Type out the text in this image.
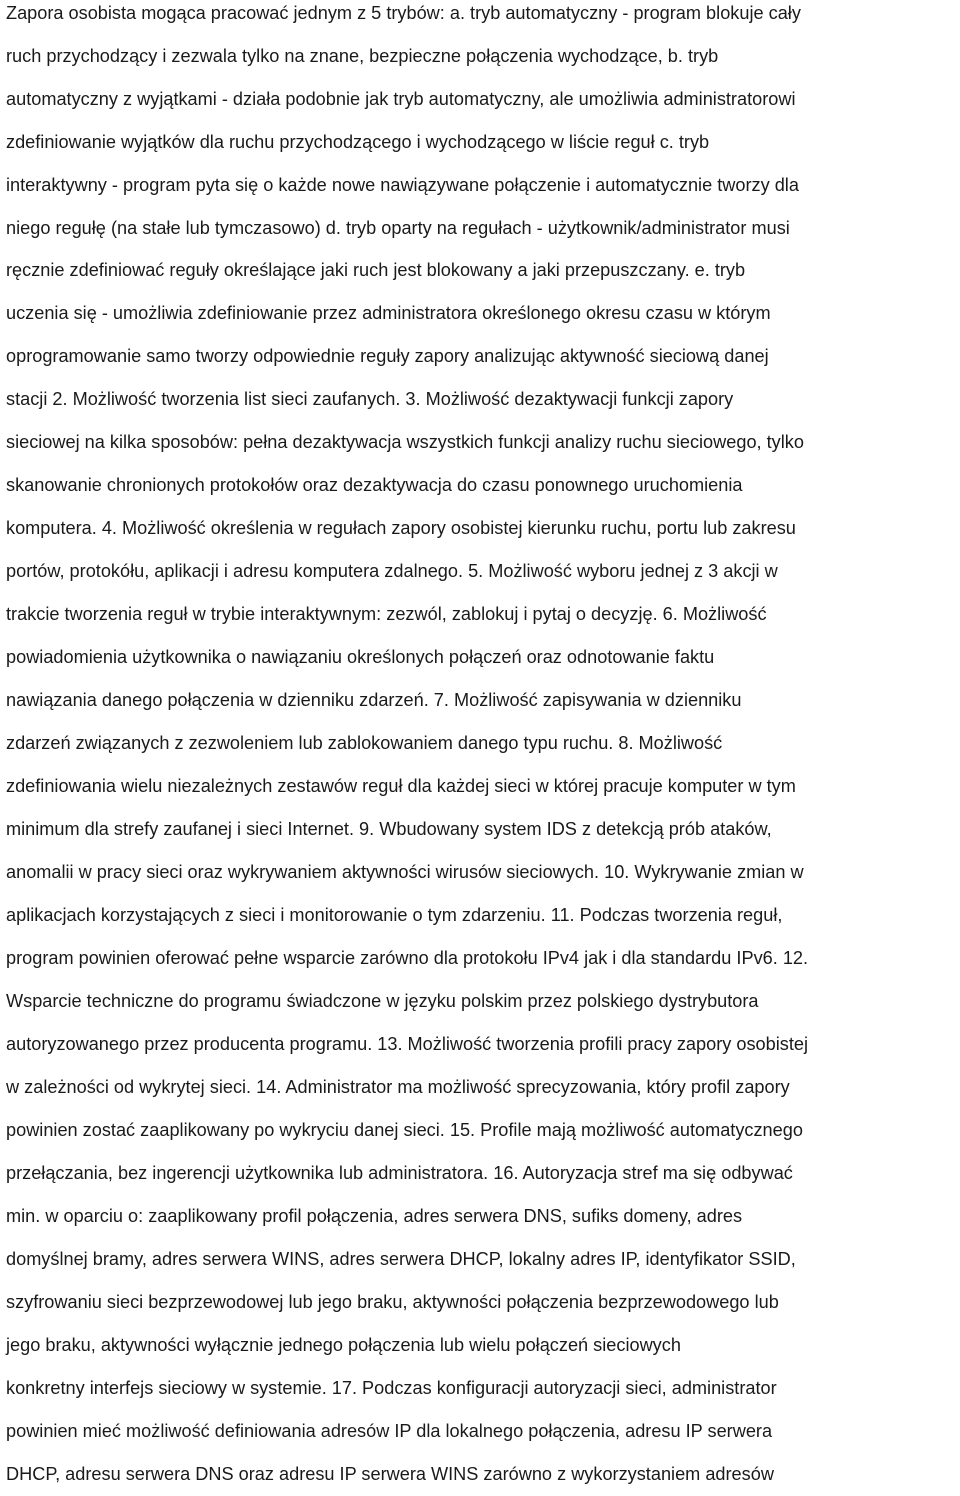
Zapora osobista mogąca pracować jednym z 5 trybów: a. tryb automatyczny - program blokuje cały
ruch przychodzący i zezwala tylko na znane, bezpieczne połączenia wychodzące, b. tryb
automatyczny z wyjątkami - działa podobnie jak tryb automatyczny, ale umożliwia administratorowi
zdefiniowanie wyjątków dla ruchu przychodzącego i wychodzącego w liście reguł c. tryb
interaktywny - program pyta się o każde nowe nawiązywane połączenie i automatycznie tworzy dla
niego regułę (na stałe lub tymczasowo) d. tryb oparty na regułach - użytkownik/administrator musi
ręcznie zdefiniować reguły określające jaki ruch jest blokowany a jaki przepuszczany. e. tryb
uczenia się - umożliwia zdefiniowanie przez administratora określonego okresu czasu w którym
oprogramowanie samo tworzy odpowiednie reguły zapory analizując aktywność sieciową danej
stacji 2. Możliwość tworzenia list sieci zaufanych. 3. Możliwość dezaktywacji funkcji zapory
sieciowej na kilka sposobów: pełna dezaktywacja wszystkich funkcji analizy ruchu sieciowego, tylko
skanowanie chronionych protokołów oraz dezaktywacja do czasu ponownego uruchomienia
komputera. 4. Możliwość określenia w regułach zapory osobistej kierunku ruchu, portu lub zakresu
portów, protokółu, aplikacji i adresu komputera zdalnego. 5. Możliwość wyboru jednej z 3 akcji w
trakcie tworzenia reguł w trybie interaktywnym: zezwól, zablokuj i pytaj o decyzję. 6. Możliwość
powiadomienia użytkownika o nawiązaniu określonych połączeń oraz odnotowanie faktu
nawiązania danego połączenia w dzienniku zdarzeń. 7. Możliwość zapisywania w dzienniku
zdarzeń związanych z zezwoleniem lub zablokowaniem danego typu ruchu. 8. Możliwość
zdefiniowania wielu niezależnych zestawów reguł dla każdej sieci w której pracuje komputer w tym
minimum dla strefy zaufanej i sieci Internet. 9. Wbudowany system IDS z detekcją prób ataków,
anomalii w pracy sieci oraz wykrywaniem aktywności wirusów sieciowych. 10. Wykrywanie zmian w
aplikacjach korzystających z sieci i monitorowanie o tym zdarzeniu. 11. Podczas tworzenia reguł,
program powinien oferować pełne wsparcie zarówno dla protokołu IPv4 jak i dla standardu IPv6. 12.
Wsparcie techniczne do programu świadczone w języku polskim przez polskiego dystrybutora
autoryzowanego przez producenta programu. 13. Możliwość tworzenia profili pracy zapory osobistej
w zależności od wykrytej sieci. 14. Administrator ma możliwość sprecyzowania, który profil zapory
powinien zostać zaaplikowany po wykryciu danej sieci. 15. Profile mają możliwość automatycznego
przełączania, bez ingerencji użytkownika lub administratora. 16. Autoryzacja stref ma się odbywać
min. w oparciu o: zaaplikowany profil połączenia, adres serwera DNS, sufiks domeny, adres
domyślnej bramy, adres serwera WINS, adres serwera DHCP, lokalny adres IP, identyfikator SSID,
szyfrowaniu sieci bezprzewodowej lub jego braku, aktywności połączenia bezprzewodowego lub
jego braku, aktywności wyłącznie jednego połączenia lub wielu połączeń sieciowych
konkretny interfejs sieciowy w systemie. 17. Podczas konfiguracji autoryzacji sieci, administrator
powinien mieć możliwość definiowania adresów IP dla lokalnego połączenia, adresu IP serwera
DHCP, adresu serwera DNS oraz adresu IP serwera WINS zarówno z wykorzystaniem adresów
